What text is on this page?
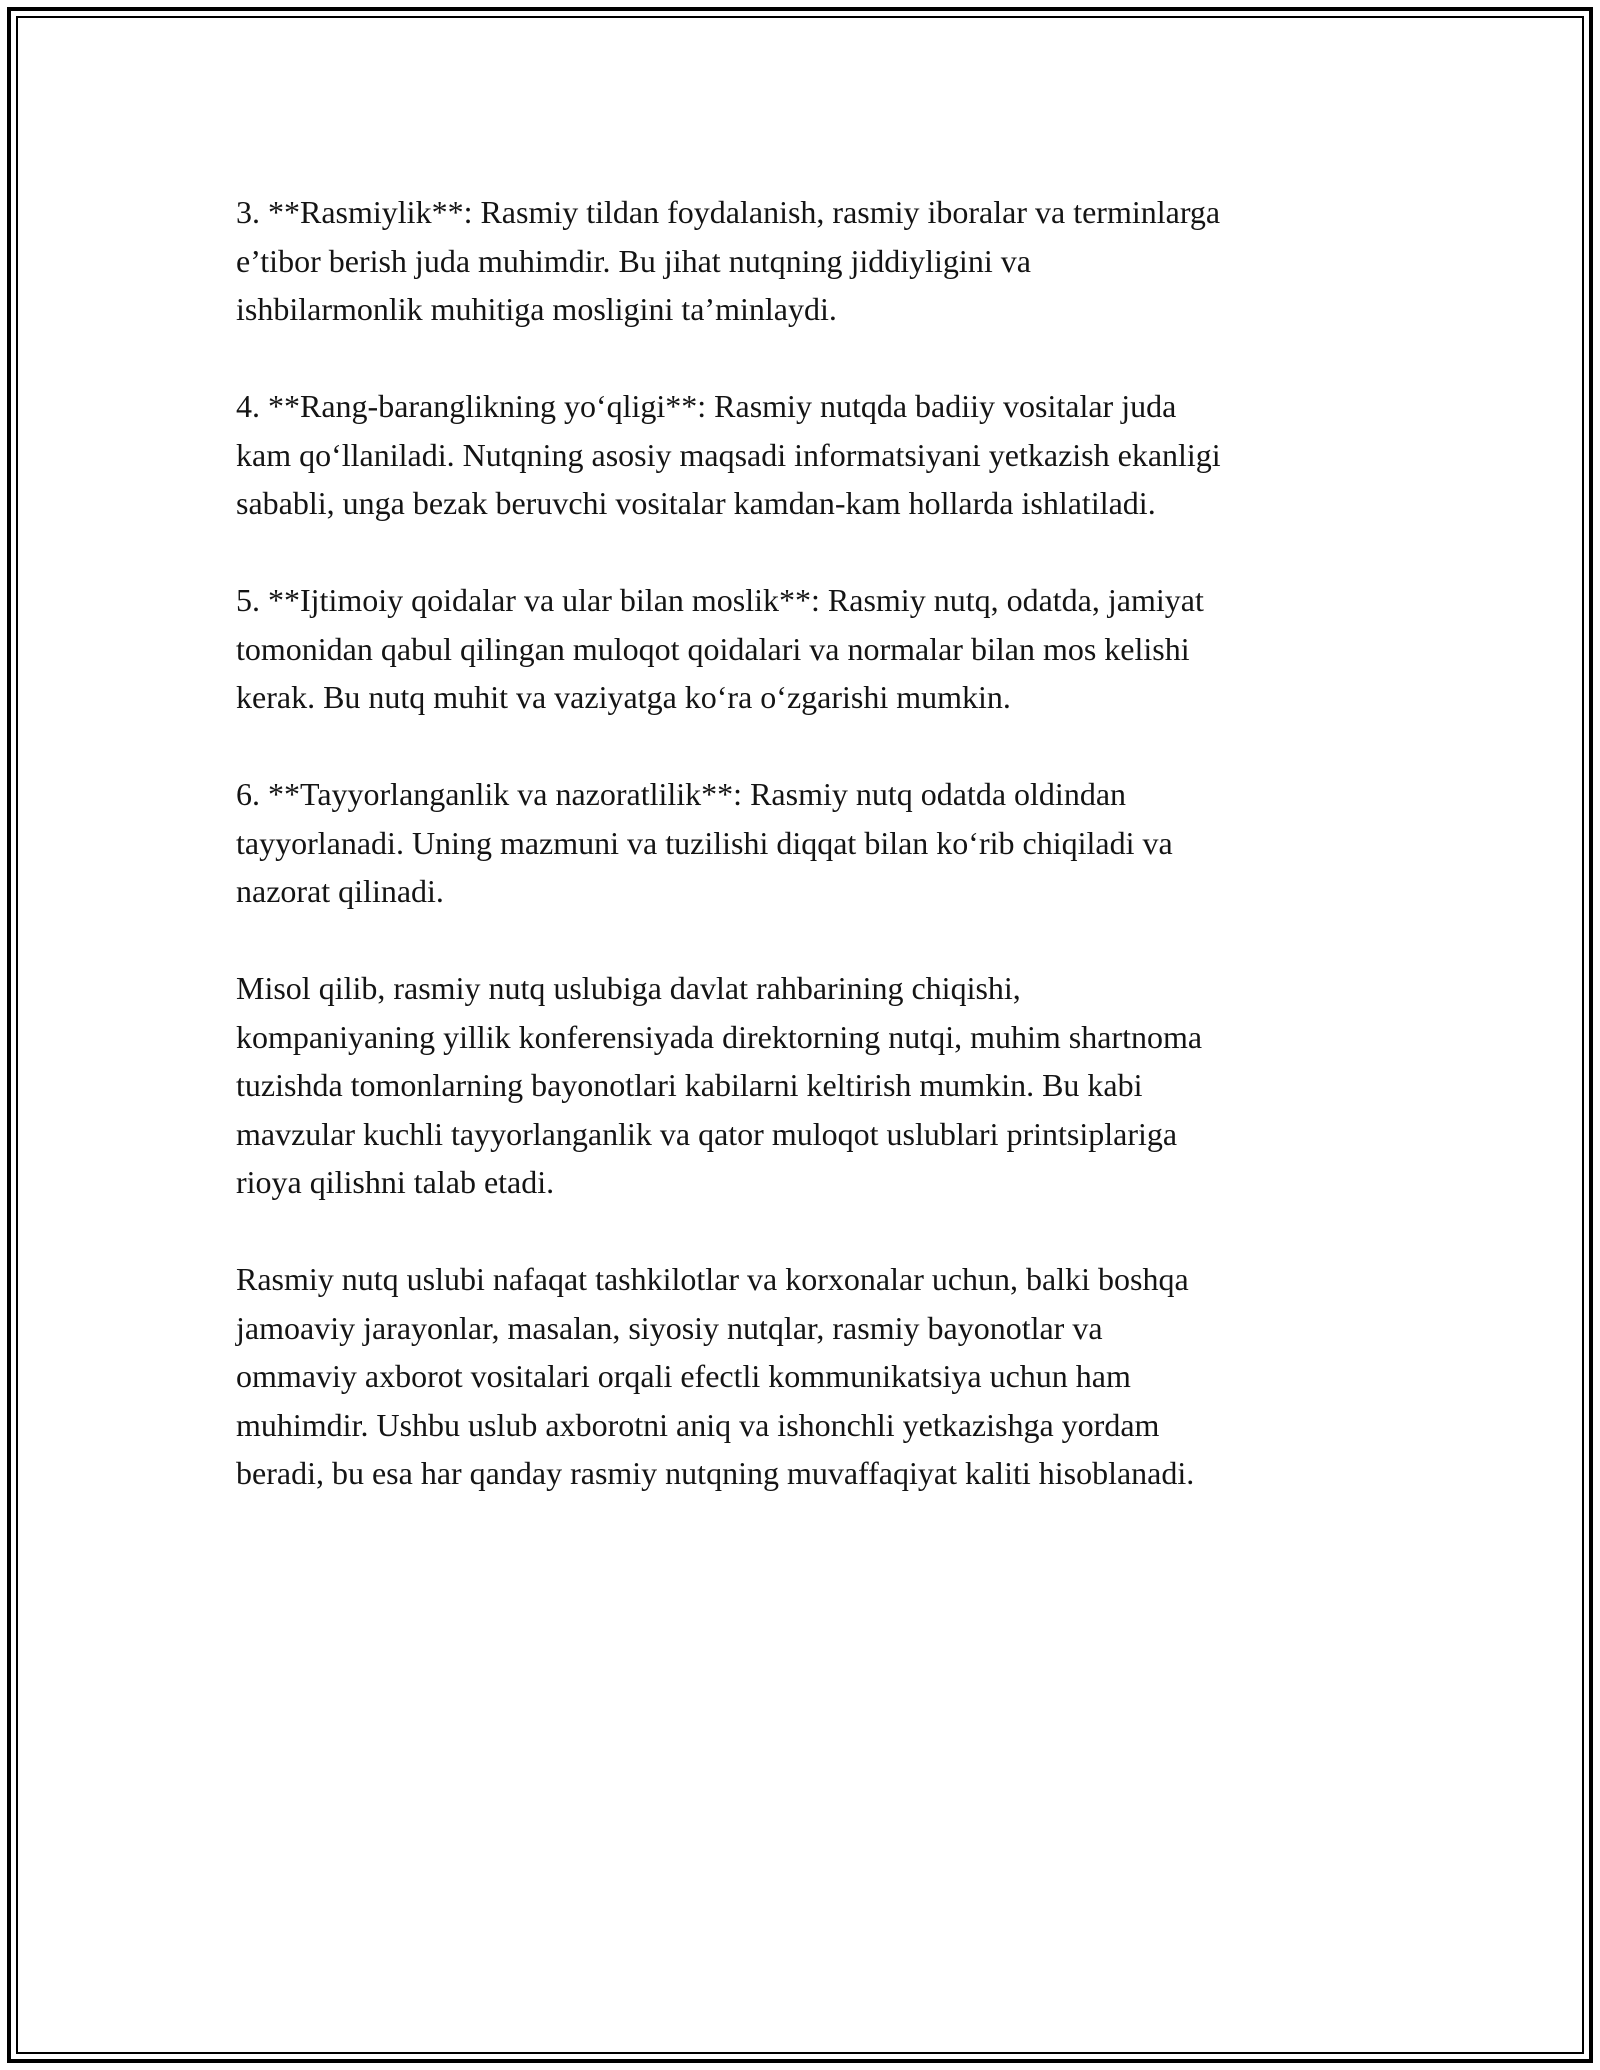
3. **Rasmiylik**: Rasmiy tildan foydalanish, rasmiy iboralar va terminlarga
e’tibor berish juda muhimdir. Bu jihat nutqning jiddiyligini va
ishbilarmonlik muhitiga mosligini ta’minlaydi.

4. **Rang-baranglikning yo‘qligi**: Rasmiy nutqda badiiy vositalar juda
kam qo‘llaniladi. Nutqning asosiy maqsadi informatsiyani yetkazish ekanligi
sababli, unga bezak beruvchi vositalar kamdan-kam hollarda ishlatiladi.

5. **Ijtimoiy qoidalar va ular bilan moslik**: Rasmiy nutq, odatda, jamiyat
tomonidan qabul qilingan muloqot qoidalari va normalar bilan mos kelishi
kerak. Bu nutq muhit va vaziyatga ko‘ra o‘zgarishi mumkin.

6. **Tayyorlanganlik va nazoratlilik**: Rasmiy nutq odatda oldindan
tayyorlanadi. Uning mazmuni va tuzilishi diqqat bilan ko‘rib chiqiladi va
nazorat qilinadi.

Misol qilib, rasmiy nutq uslubiga davlat rahbarining chiqishi,
kompaniyaning yillik konferensiyada direktorning nutqi, muhim shartnoma
tuzishda tomonlarning bayonotlari kabilarni keltirish mumkin. Bu kabi
mavzular kuchli tayyorlanganlik va qator muloqot uslublari printsiplariga
rioya qilishni talab etadi.

Rasmiy nutq uslubi nafaqat tashkilotlar va korxonalar uchun, balki boshqa
jamoaviy jarayonlar, masalan, siyosiy nutqlar, rasmiy bayonotlar va
ommaviy axborot vositalari orqali efectli kommunikatsiya uchun ham
muhimdir. Ushbu uslub axborotni aniq va ishonchli yetkazishga yordam
beradi, bu esa har qanday rasmiy nutqning muvaffaqiyat kaliti hisoblanadi.
